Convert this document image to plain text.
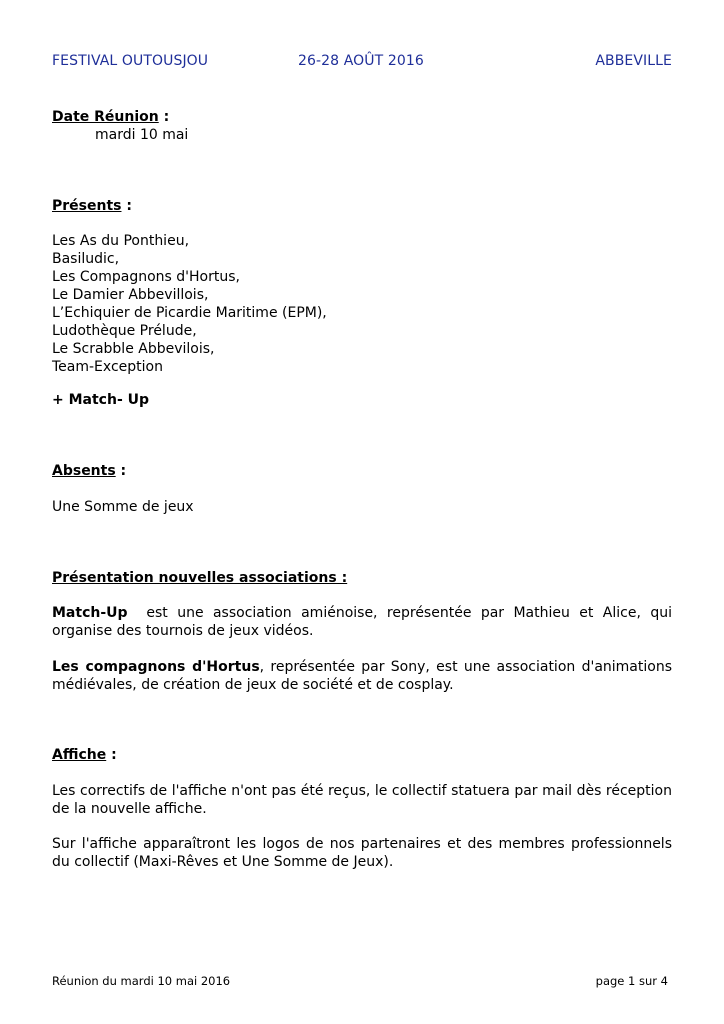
FESTIVAL OUTOUSJOU	26-28 AOÛT 2016	ABBEVILLE
Date Réunion :
mardi 10 mai
Présents :
Les As du Ponthieu,
Basiludic,
Les Compagnons d'Hortus,
Le Damier Abbevillois,
L’Echiquier de Picardie Maritime (EPM),
Ludothèque Prélude,
Le Scrabble Abbevilois,
Team-Exception
+ Match- Up
Absents :
Une Somme de jeux
Présentation nouvelles associations :
Match-Up  est une association amiénoise, représentée par Mathieu et Alice, qui organise des tournois de jeux vidéos.
Les compagnons d'Hortus, représentée par Sony, est une association d'animations médiévales, de création de jeux de société et de cosplay.
Affiche :
Les correctifs de l'affiche n'ont pas été reçus, le collectif statuera par mail dès réception de la nouvelle affiche.
Sur l'affiche apparaîtront les logos de nos partenaires et des membres professionnels du collectif (Maxi-Rêves et Une Somme de Jeux).
Réunion du mardi 10 mai 2016	page 1 sur 4
